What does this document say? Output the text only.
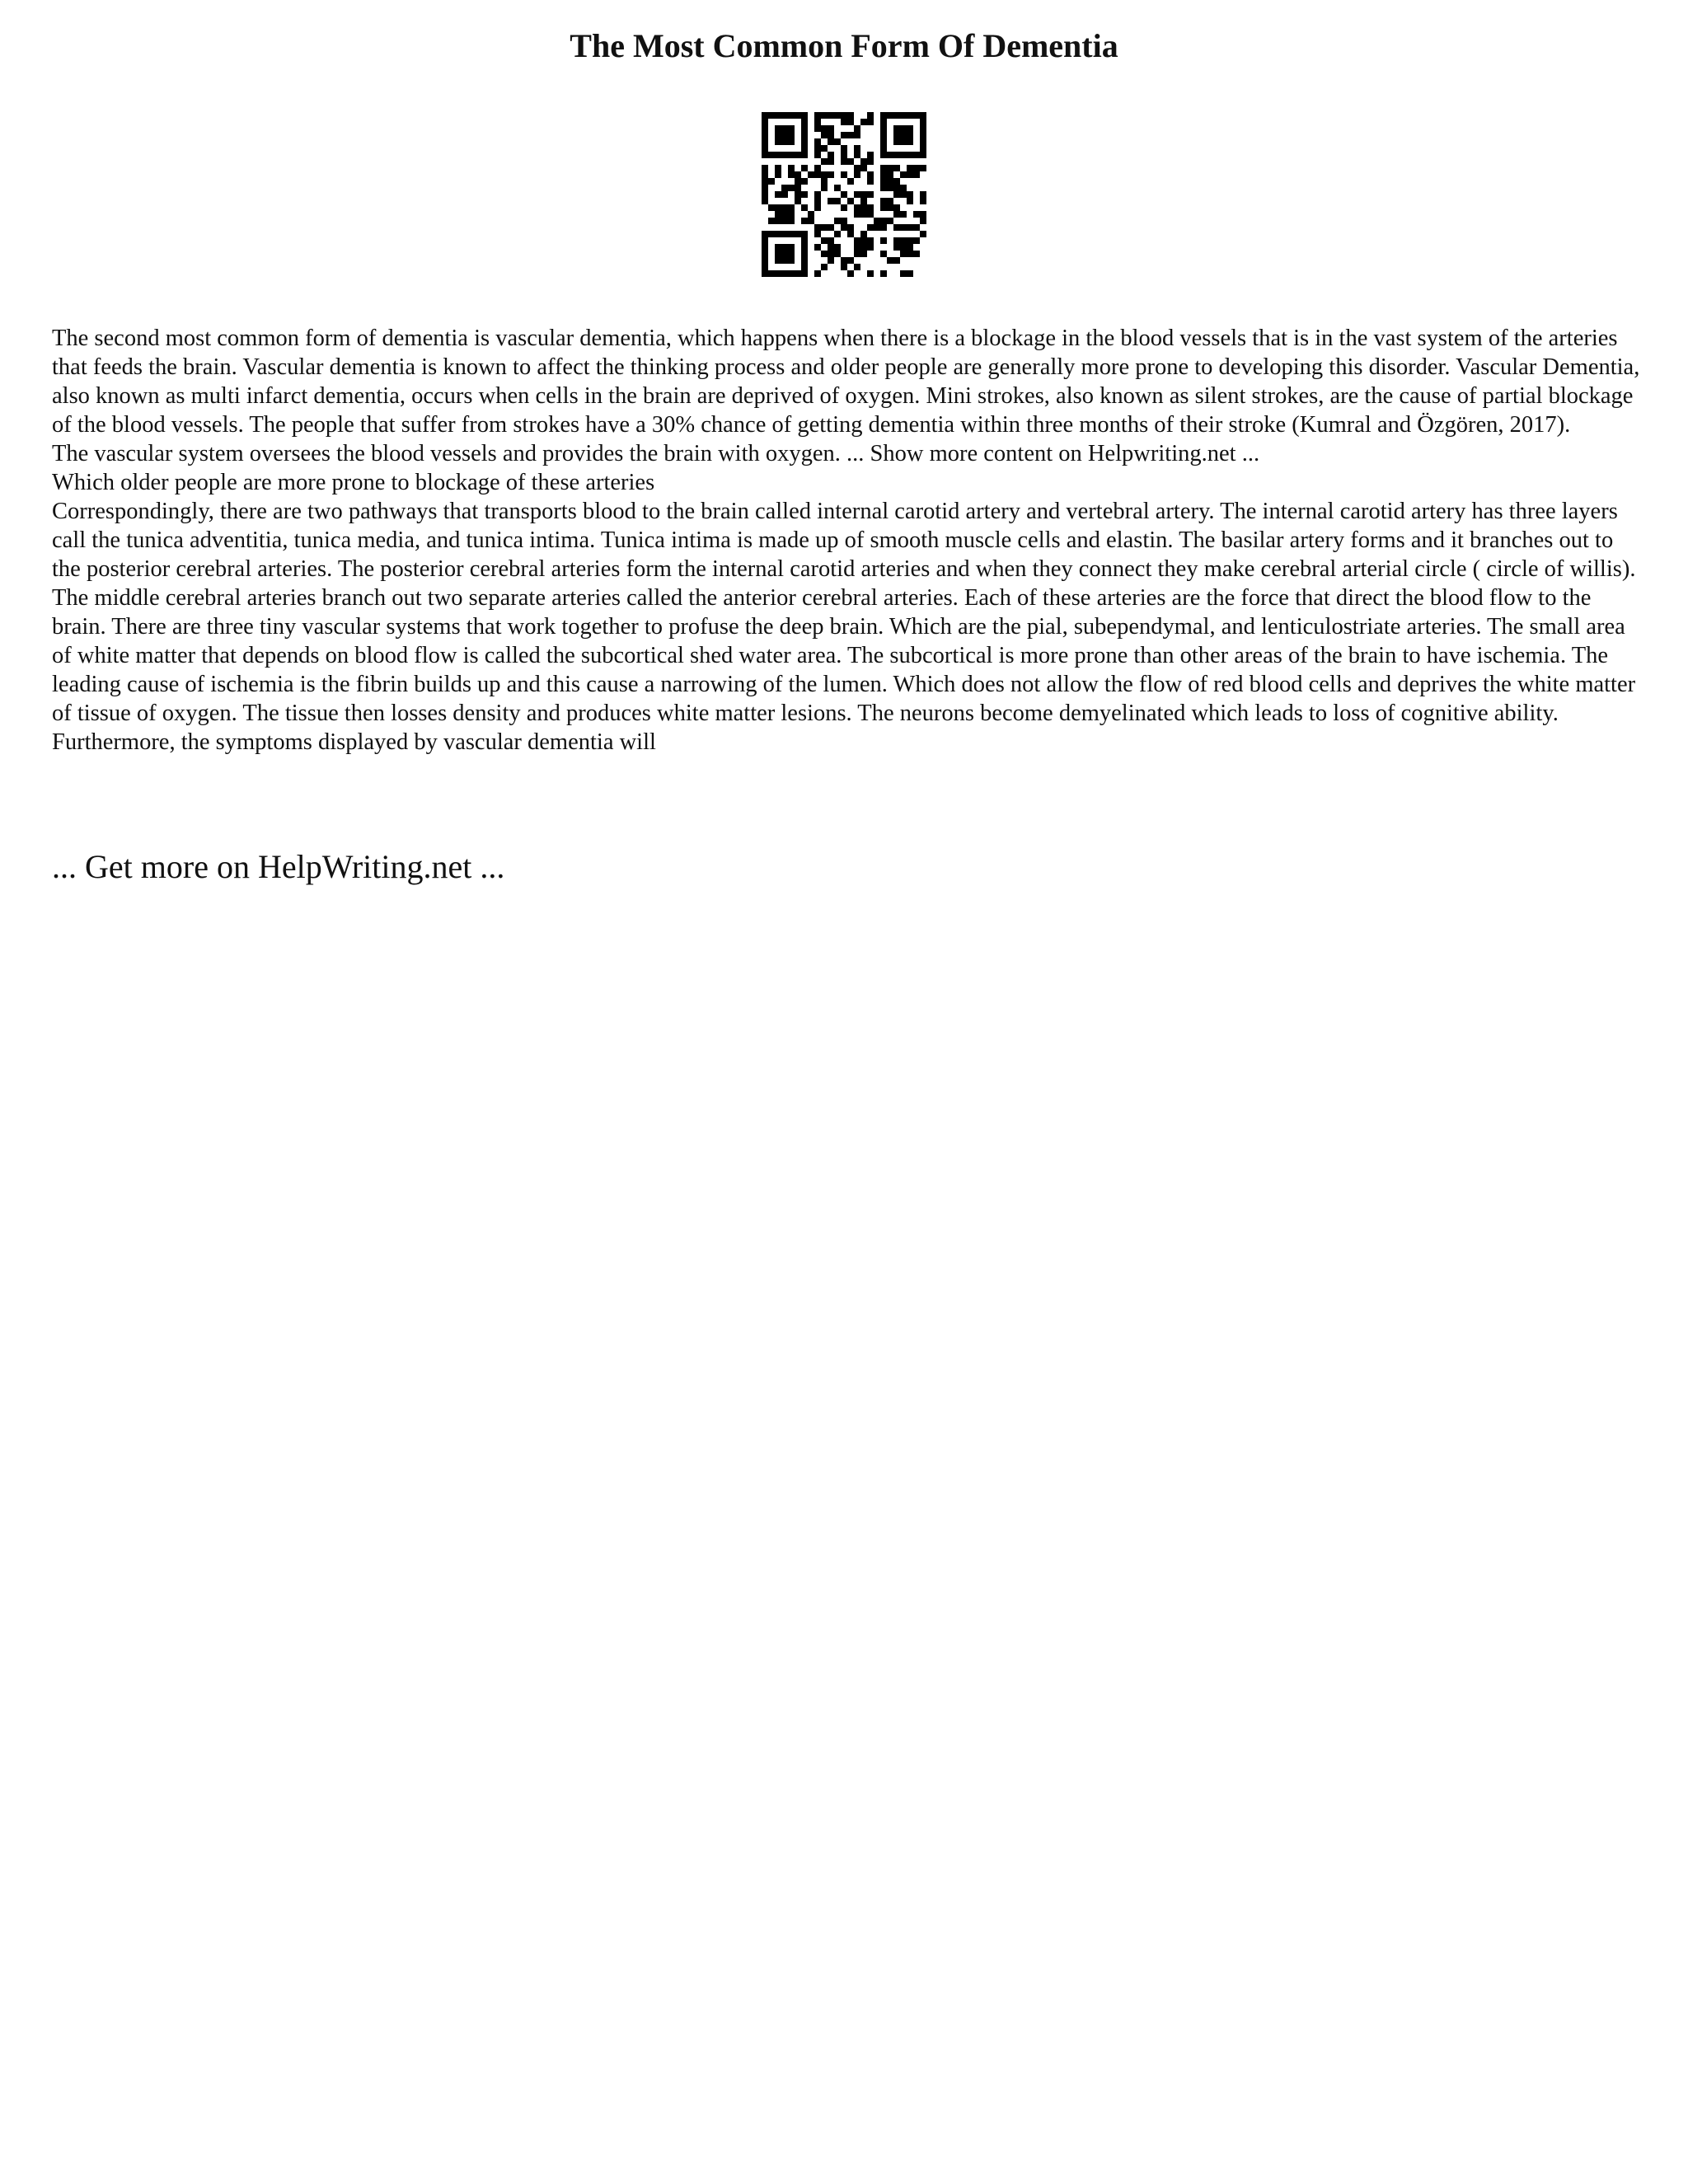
The Most Common Form Of Dementia

The second most common form of dementia is vascular dementia, which happens when there is a blockage in the blood vessels that is in the vast system of the arteries that feeds the brain. Vascular dementia is known to affect the thinking process and older people are generally more prone to developing this disorder. Vascular Dementia, also known as multi infarct dementia, occurs when cells in the brain are deprived of oxygen. Mini strokes, also known as silent strokes, are the cause of partial blockage of the blood vessels. The people that suffer from strokes have a 30% chance of getting dementia within three months of their stroke (Kumral and Özgören, 2017).

The vascular system oversees the blood vessels and provides the brain with oxygen. ... Show more content on Helpwriting.net ...

Which older people are more prone to blockage of these arteries

Correspondingly, there are two pathways that transports blood to the brain called internal carotid artery and vertebral artery. The internal carotid artery has three layers call the tunica adventitia, tunica media, and tunica intima. Tunica intima is made up of smooth muscle cells and elastin. The basilar artery forms and it branches out to the posterior cerebral arteries. The posterior cerebral arteries form the internal carotid arteries and when they connect they make cerebral arterial circle ( circle of willis). The middle cerebral arteries branch out two separate arteries called the anterior cerebral arteries. Each of these arteries are the force that direct the blood flow to the brain. There are three tiny vascular systems that work together to profuse the deep brain. Which are the pial, subependymal, and lenticulostriate arteries. The small area of white matter that depends on blood flow is called the subcortical shed water area. The subcortical is more prone than other areas of the brain to have ischemia. The leading cause of ischemia is the fibrin builds up and this cause a narrowing of the lumen. Which does not allow the flow of red blood cells and deprives the white matter of tissue of oxygen. The tissue then losses density and produces white matter lesions. The neurons become demyelinated which leads to loss of cognitive ability.

Furthermore, the symptoms displayed by vascular dementia will

... Get more on HelpWriting.net ...
